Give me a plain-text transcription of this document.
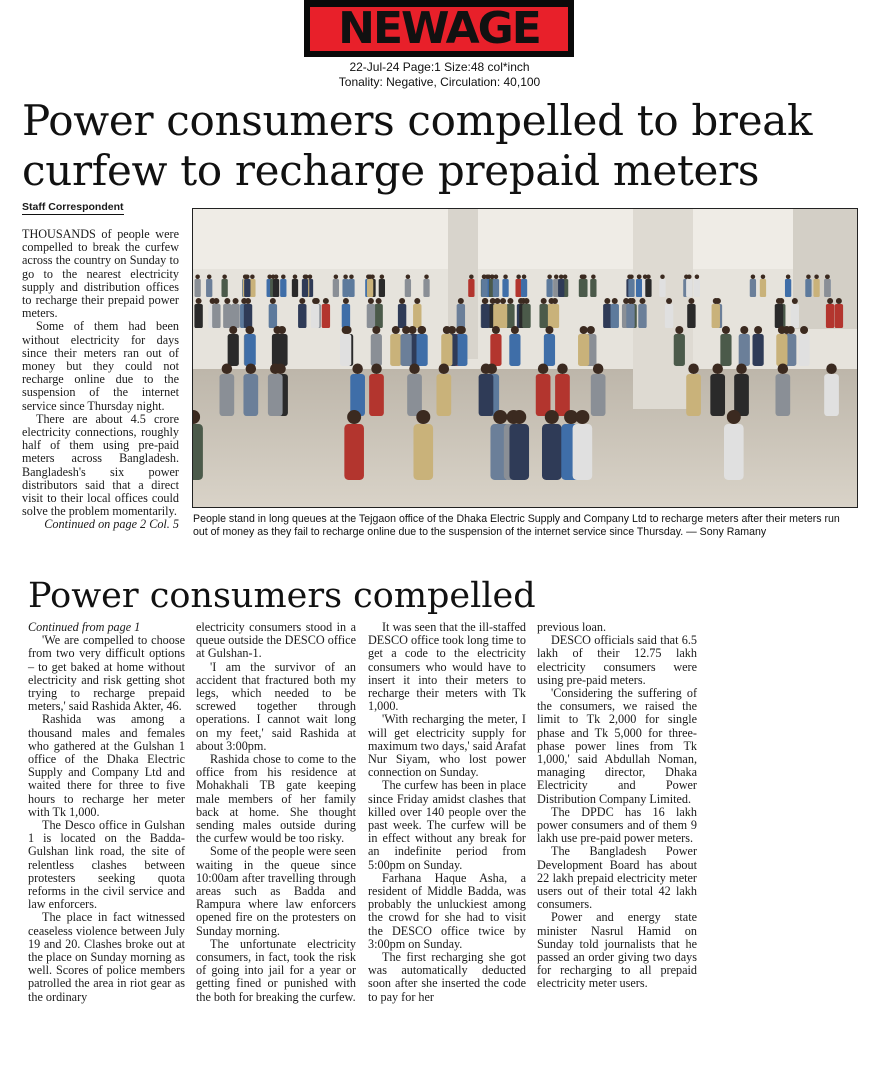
NEWAGE
22-Jul-24 Page:1 Size:48 col*inch
Tonality: Negative, Circulation: 40,100
Power consumers compelled to break curfew to recharge prepaid meters
Staff Correspondent

THOUSANDS of people were compelled to break the curfew across the country on Sunday to go to the nearest electricity supply and distribution offices to recharge their prepaid power meters.

Some of them had been without electricity for days since their meters ran out of money but they could not recharge online due to the suspension of the internet service since Thursday night.

There are about 4.5 crore electricity connections, roughly half of them using pre-paid meters across Bangladesh. Bangladesh's six power distributors said that a direct visit to their local offices could solve the problem momentarily.

Continued on page 2 Col. 5 People stand in long queues at the Tejgaon office of the Dhaka Electric Supply and Company Ltd to recharge meters after their meters run out of money as they fail to recharge online due to the suspension of the internet service since Thursday. — Sony Ramany

Power consumers compelled

Continued from page 1

'We are compelled to choose from two very difficult options – to get baked at home without electricity and risk getting shot trying to recharge prepaid meters,' said Rashida Akter, 46.

Rashida was among a thousand males and females who gathered at the Gulshan 1 office of the Dhaka Electric Supply and Company Ltd and waited there for three to five hours to recharge her meter with Tk 1,000.

The Desco office in Gulshan 1 is located on the Badda-Gulshan link road, the site of relentless clashes between protesters seeking quota reforms in the civil service and law enforcers.

The place in fact witnessed ceaseless violence between July 19 and 20. Clashes broke out at the place on Sunday morning as well. Scores of police members patrolled the area in riot gear as the ordinary

electricity consumers stood in a queue outside the DESCO office at Gulshan-1.

'I am the survivor of an accident that fractured both my legs, which needed to be screwed together through operations. I cannot wait long on my feet,' said Rashida at about 3:00pm.

Rashida chose to come to the office from his residence at Mohakhali TB gate keeping male members of her family back at home. She thought sending males outside during the curfew would be too risky.

Some of the people were seen waiting in the queue since 10:00am after travelling through areas such as Badda and Rampura where law enforcers opened fire on the protesters on Sunday morning.

The unfortunate electricity consumers, in fact, took the risk of going into jail for a year or getting fined or punished with the both for breaking the curfew.

It was seen that the ill-staffed DESCO office took long time to get a code to the electricity consumers who would have to insert it into their meters to recharge their meters with Tk 1,000.

'With recharging the meter, I will get electricity supply for maximum two days,' said Arafat Nur Siyam, who lost power connection on Sunday.

The curfew has been in place since Friday amidst clashes that killed over 140 people over the past week. The curfew will be in effect without any break for an indefinite period from 5:00pm on Sunday.

Farhana Haque Asha, a resident of Middle Badda, was probably the unluckiest among the crowd for she had to visit the DESCO office twice by 3:00pm on Sunday.

The first recharging she got was automatically deducted soon after she inserted the code to pay for her

previous loan.

DESCO officials said that 6.5 lakh of their 12.75 lakh electricity consumers were using pre-paid meters.

'Considering the suffering of the consumers, we raised the limit to Tk 2,000 for single phase and Tk 5,000 for three-phase power lines from Tk 1,000,' said Abdullah Noman, managing director, Dhaka Electricity and Power Distribution Company Limited.

The DPDC has 16 lakh power consumers and of them 9 lakh use pre-paid power meters.

The Bangladesh Power Development Board has about 22 lakh prepaid electricity meter users out of their total 42 lakh consumers.

Power and energy state minister Nasrul Hamid on Sunday told journalists that he passed an order giving two days for recharging to all prepaid electricity meter users.
